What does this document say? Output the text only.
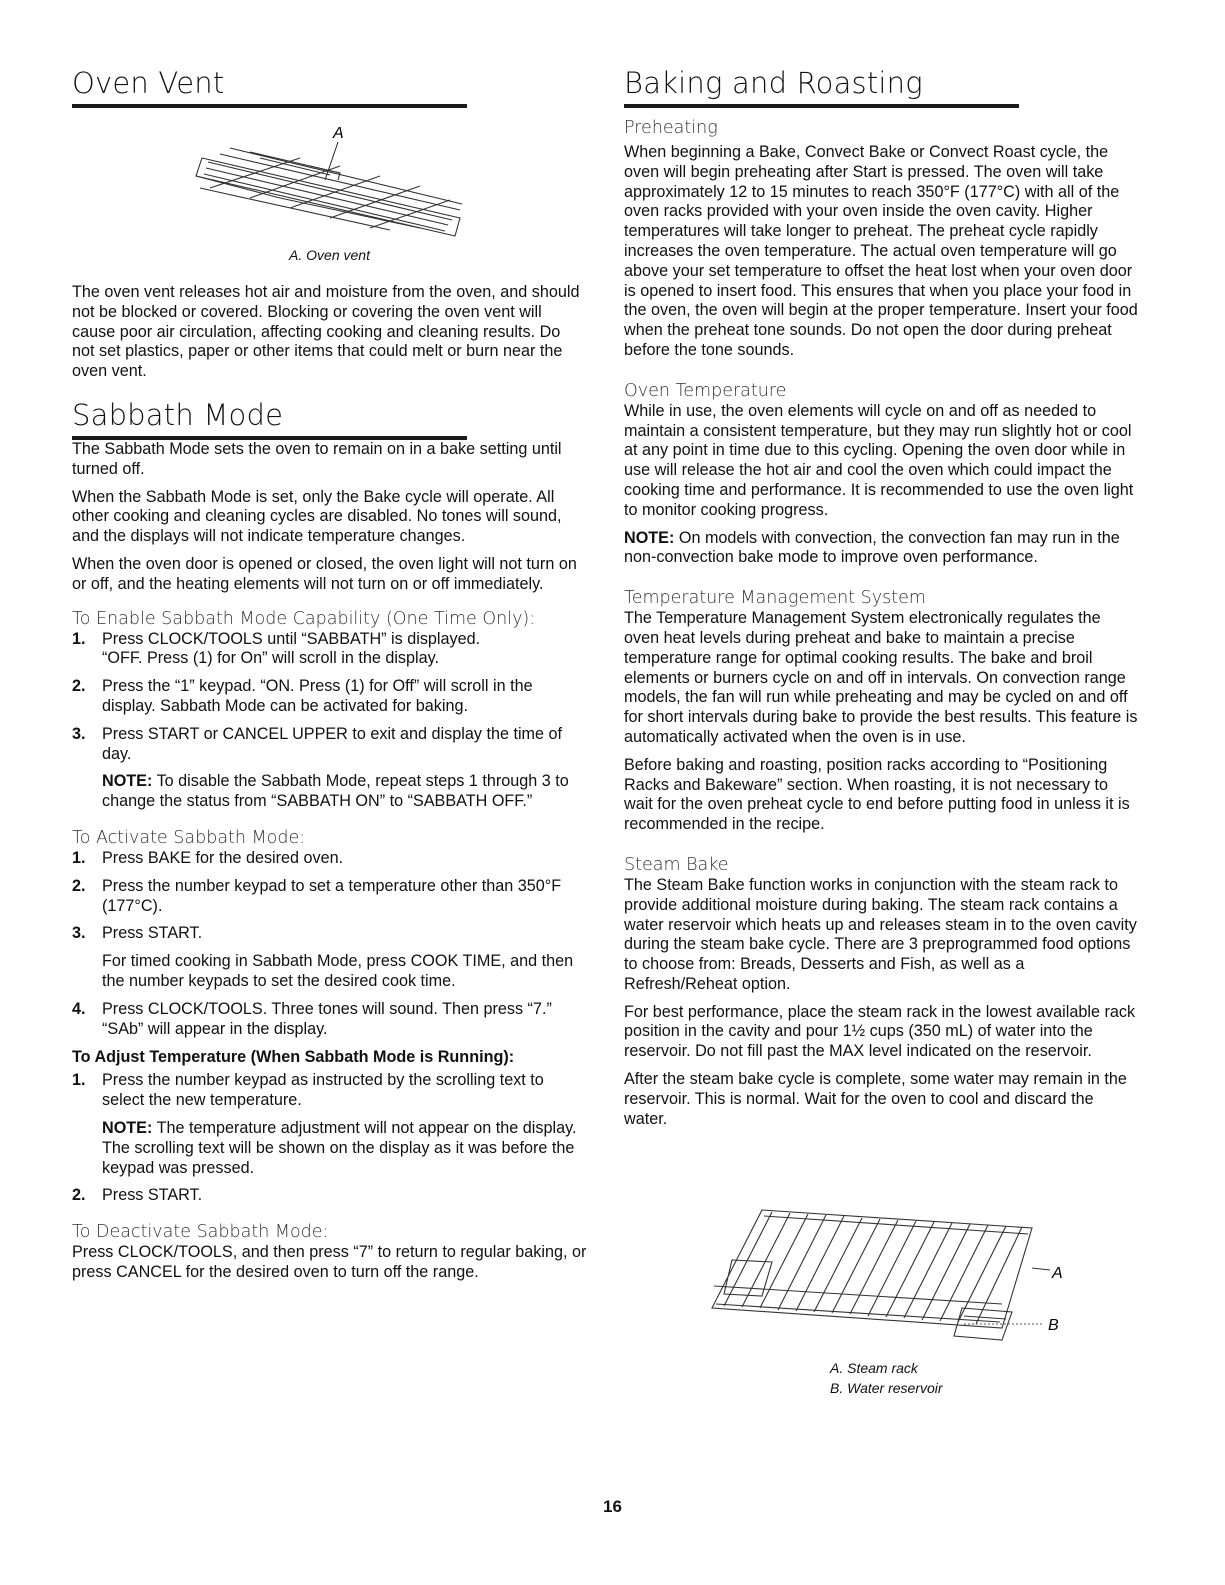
Oven Vent
A
A. Oven vent

The oven vent releases hot air and moisture from the oven, and should not be blocked or covered. Blocking or covering the oven vent will cause poor air circulation, affecting cooking and cleaning results. Do not set plastics, paper or other items that could melt or burn near the oven vent.

Sabbath Mode

The Sabbath Mode sets the oven to remain on in a bake setting until turned off.

When the Sabbath Mode is set, only the Bake cycle will operate. All other cooking and cleaning cycles are disabled. No tones will sound, and the displays will not indicate temperature changes.

When the oven door is opened or closed, the oven light will not turn on or off, and the heating elements will not turn on or off immediately.

To Enable Sabbath Mode Capability (One Time Only):
1. Press CLOCK/TOOLS until “SABBATH” is displayed.
“OFF. Press (1) for On” will scroll in the display.
2. Press the “1” keypad. “ON. Press (1) for Off” will scroll in the display. Sabbath Mode can be activated for baking.
3. Press START or CANCEL UPPER to exit and display the time of day.
NOTE: To disable the Sabbath Mode, repeat steps 1 through 3 to change the status from “SABBATH ON” to “SABBATH OFF.”
To Activate Sabbath Mode:
1. Press BAKE for the desired oven.
2. Press the number keypad to set a temperature other than 350°F (177°C).
3. Press START.
For timed cooking in Sabbath Mode, press COOK TIME, and then the number keypads to set the desired cook time.
4. Press CLOCK/TOOLS. Three tones will sound. Then press “7.” “SAb” will appear in the display.
To Adjust Temperature (When Sabbath Mode is Running):
1. Press the number keypad as instructed by the scrolling text to select the new temperature.
NOTE: The temperature adjustment will not appear on the display. The scrolling text will be shown on the display as it was before the keypad was pressed.
2. Press START.
To Deactivate Sabbath Mode:

Press CLOCK/TOOLS, and then press “7” to return to regular baking, or press CANCEL for the desired oven to turn off the range.

Baking and Roasting
Preheating

When beginning a Bake, Convect Bake or Convect Roast cycle, the oven will begin preheating after Start is pressed. The oven will take approximately 12 to 15 minutes to reach 350°F (177°C) with all of the oven racks provided with your oven inside the oven cavity. Higher temperatures will take longer to preheat. The preheat cycle rapidly increases the oven temperature. The actual oven temperature will go above your set temperature to offset the heat lost when your oven door is opened to insert food. This ensures that when you place your food in the oven, the oven will begin at the proper temperature. Insert your food when the preheat tone sounds. Do not open the door during preheat before the tone sounds.

Oven Temperature

While in use, the oven elements will cycle on and off as needed to maintain a consistent temperature, but they may run slightly hot or cool at any point in time due to this cycling. Opening the oven door while in use will release the hot air and cool the oven which could impact the cooking time and performance. It is recommended to use the oven light to monitor cooking progress.

NOTE: On models with convection, the convection fan may run in the non-convection bake mode to improve oven performance.

Temperature Management System

The Temperature Management System electronically regulates the oven heat levels during preheat and bake to maintain a precise temperature range for optimal cooking results. The bake and broil elements or burners cycle on and off in intervals. On convection range models, the fan will run while preheating and may be cycled on and off for short intervals during bake to provide the best results. This feature is automatically activated when the oven is in use.

Before baking and roasting, position racks according to “Positioning Racks and Bakeware” section. When roasting, it is not necessary to wait for the oven preheat cycle to end before putting food in unless it is recommended in the recipe.

Steam Bake

The Steam Bake function works in conjunction with the steam rack to provide additional moisture during baking. The steam rack contains a water reservoir which heats up and releases steam in to the oven cavity during the steam bake cycle. There are 3 preprogrammed food options to choose from: Breads, Desserts and Fish, as well as a Refresh/Reheat option.

For best performance, place the steam rack in the lowest available rack position in the cavity and pour 1½ cups (350 mL) of water into the reservoir. Do not fill past the MAX level indicated on the reservoir.

After the steam bake cycle is complete, some water may remain in the reservoir. This is normal. Wait for the oven to cool and discard the water.

A
B
A. Steam rack
B. Water reservoir
16
